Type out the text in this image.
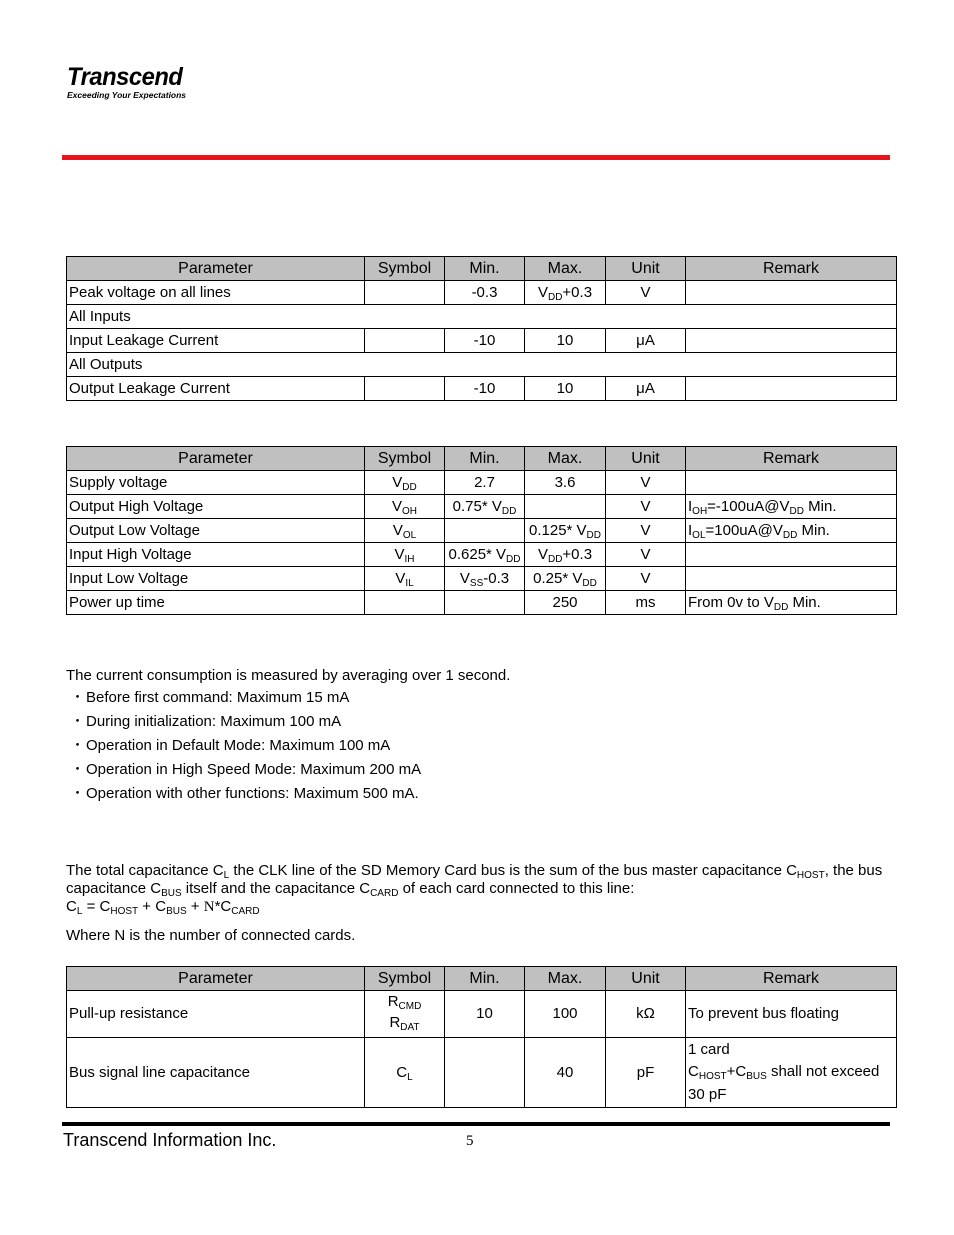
Transcend
Exceeding Your Expectations
Parameter	Symbol	Min.	Max.	Unit	Remark
Peak voltage on all lines		-0.3	$V_{DD}+0.3$	V	
All Inputs					
Input Leakage Current		-10	10	μA	
All Outputs					
Output Leakage Current		-10	10	μA	
Parameter	Symbol	Min.	Max.	Unit	Remark
Supply voltage	$V_{DD}$	2.7	3.6	V	
Output High Voltage	$V_{OH}$	0.75* $V_{DD}$		V	$I_{OH}=-100uA@V_{DD}$ Min.
Output Low Voltage	$V_{OL}$		0.125* $V_{DD}$	V	$I_{OL}=100uA@V_{DD}$ Min.
Input High Voltage	$V_{IH}$	0.625* $V_{DD}$	$V_{DD}+0.3$	V	
Input Low Voltage	$V_{IL}$	$V_{SS}-0.3$	0.25* $V_{DD}$	V	
Power up time			250	ms	From 0v to $V_{DD}$ Min.
The current consumption is measured by averaging over 1 second.
・Before first command: Maximum 15 mA
・During initialization: Maximum 100 mA
・Operation in Default Mode: Maximum 100 mA
・Operation in High Speed Mode: Maximum 200 mA
・Operation with other functions: Maximum 500 mA.
The total capacitance $C_L$ the CLK line of the SD Memory Card bus is the sum of the bus master capacitance $C_{HOST}$, the bus
capacitance $C_{BUS}$ itself and the capacitance $C_{CARD}$ of each card connected to this line:
$C_L = C_{HOST} + C_{BUS} + N*C_{CARD}$
Where N is the number of connected cards.
Parameter	Symbol	Min.	Max.	Unit	Remark
Pull-up resistance	$R_{CMD}$
$R_{DAT}$	10	100	kΩ	To prevent bus floating
Bus signal line capacitance	$C_L$		40	pF	1 card
$C_{HOST}+C_{BUS}$ shall not exceed
30 pF
Transcend Information Inc.	5
